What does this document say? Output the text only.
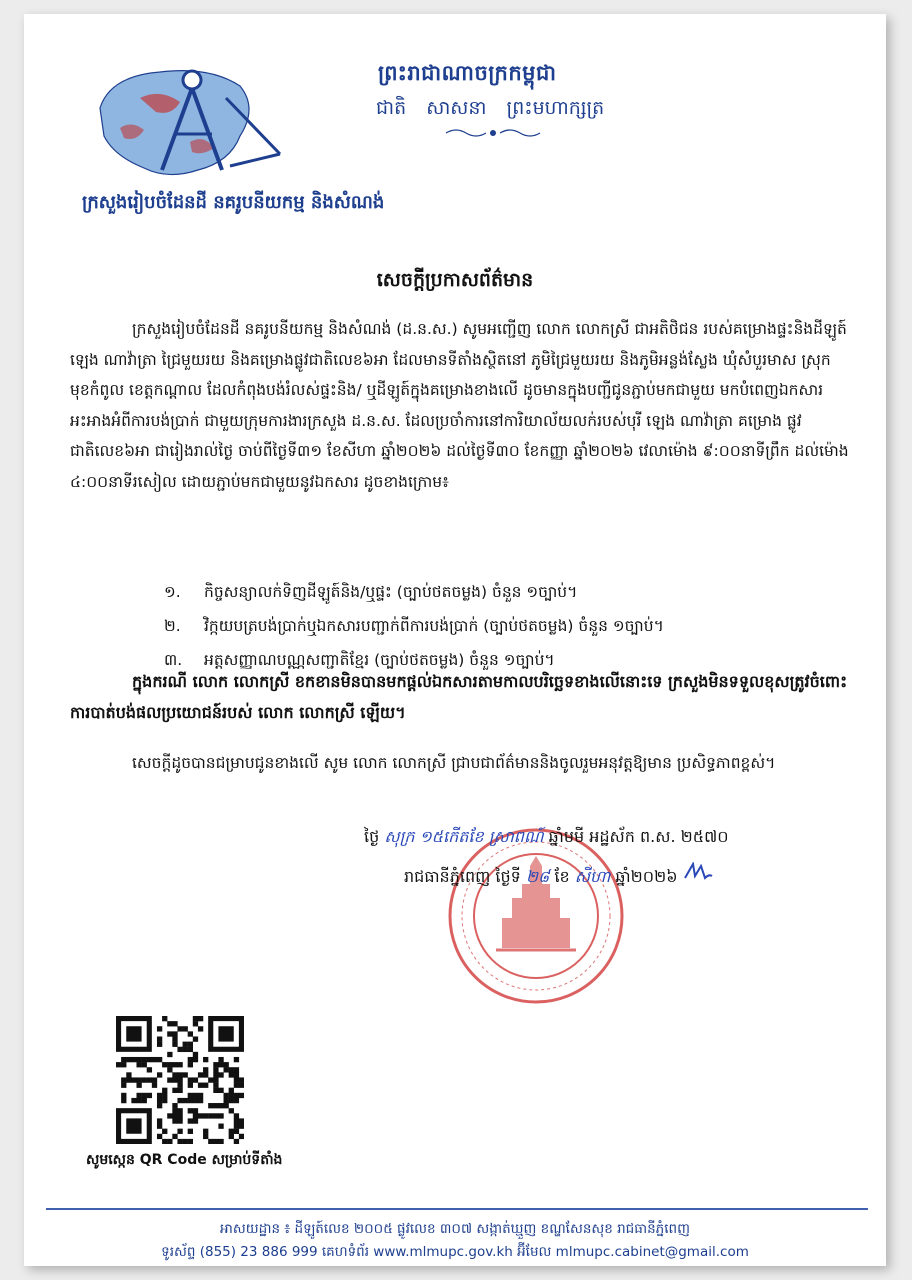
ព្រះរាជាណាចក្រកម្ពុជា
ជាតិ សាសនា ព្រះមហាក្សត្រ
ក្រសួងរៀបចំដែនដី នគរូបនីយកម្ម និងសំណង់
សេចក្តីប្រកាសព័ត៌មាន
ក្រសួងរៀបចំដែនដី នគរូបនីយកម្ម និងសំណង់ (ដ.ន.ស.) សូមអញ្ជើញ លោក លោកស្រី ជាអតិថិជន របស់គម្រោងផ្ទះនិងដីឡូត៍ ឡេង ណាវ៉ាត្រា ជ្រៃមួយរយ និងគម្រោងផ្លូវជាតិលេខ៦អា ដែលមានទីតាំងស្ថិតនៅ ភូមិជ្រៃមួយរយ និងភូមិអន្លង់ស្លែង ឃុំសំបួរមាស ស្រុកមុខកំពូល ខេត្តកណ្តាល ដែលកំពុងបង់រំលស់ផ្ទះនិង/ ឬដីឡូត៍ក្នុងគម្រោងខាងលើ ដូចមានក្នុងបញ្ជីជូនភ្ជាប់មកជាមួយ មកបំពេញឯកសារអះអាងអំពីការបង់ប្រាក់ ជាមួយក្រុមការងារក្រសួង ដ.ន.ស. ដែលប្រចាំការនៅការិយាល័យលក់របស់បុរី ឡេង ណាវ៉ាត្រា គម្រោង ផ្លូវជាតិលេខ៦អា ជារៀងរាល់ថ្ងៃ ចាប់ពីថ្ងៃទី៣១ ខែសីហា ឆ្នាំ២០២៦ ដល់ថ្ងៃទី៣០ ខែកញ្ញា ឆ្នាំ២០២៦ វេលាម៉ោង ៩:០០នាទីព្រឹក ដល់ម៉ោង ៤:០០នាទីរសៀល ដោយភ្ជាប់មកជាមួយនូវឯកសារ ដូចខាងក្រោម៖
១. កិច្ចសន្យាលក់ទិញដីឡូត៍និង/ឬផ្ទះ (ច្បាប់ថតចម្លង) ចំនួន ១ច្បាប់។
២. វិក្កយបត្របង់ប្រាក់ឬឯកសារបញ្ជាក់ពីការបង់ប្រាក់ (ច្បាប់ថតចម្លង) ចំនួន ១ច្បាប់។
៣. អត្តសញ្ញាណបណ្ណសញ្ជាតិខ្មែរ (ច្បាប់ថតចម្លង) ចំនួន ១ច្បាប់។
ក្នុងករណី លោក លោកស្រី ខកខានមិនបានមកផ្តល់ឯកសារតាមកាលបរិច្ឆេទខាងលើនោះទេ ក្រសួងមិនទទួលខុសត្រូវចំពោះការបាត់បង់ផលប្រយោជន៍របស់ លោក លោកស្រី ឡើយ។
សេចក្តីដូចបានជម្រាបជូនខាងលើ សូម លោក លោកស្រី ជ្រាបជាព័ត៌មាននិងចូលរួមអនុវត្តឱ្យមាន ប្រសិទ្ធភាពខ្ពស់។
ថ្ងៃ សុក្រ ១៥កើតខែ ស្រាពណ៍ ឆ្នាំមមី អដ្ឋស័ក ព.ស. ២៥៧០
រាជធានីភ្នំពេញ ថ្ងៃទី ២៨ ខែ សីហា ឆ្នាំ២០២៦
សូមស្កេន QR Code សម្រាប់ទីតាំង
អាសយដ្ឋាន ៖ ដីឡូត៍លេខ ២០០៥ ផ្លូវលេខ ៣០៧ សង្កាត់ឃ្មួញ ខណ្ឌសែនសុខ រាជធានីភ្នំពេញ
ទូរស័ព្ទ (855) 23 886 999 គេហទំព័រ www.mlmupc.gov.kh អ៊ីមែល mlmupc.cabinet@gmail.com
